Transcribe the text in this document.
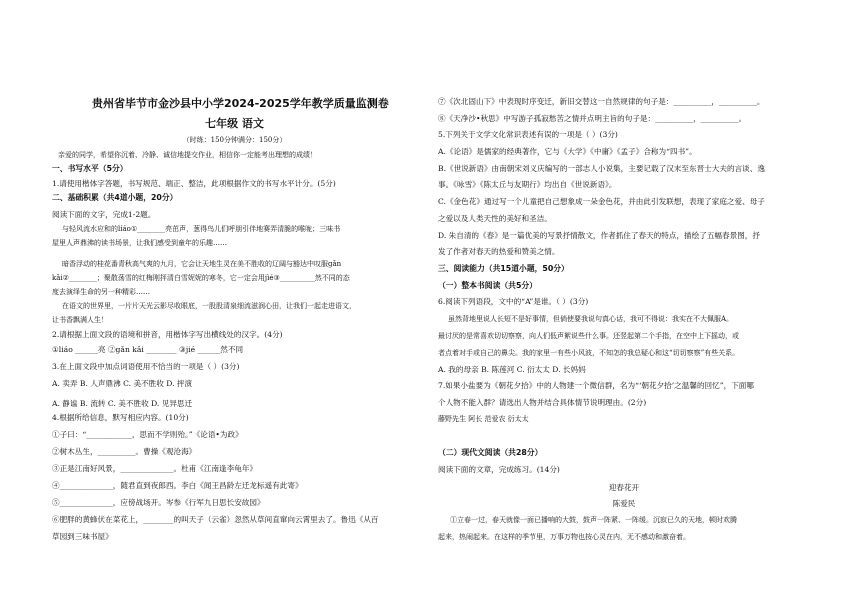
贵州省毕节市金沙县中小学2024-2025学年教学质量监测卷
七年级 语文
（时练：150分钟满分：150分）
亲爱的同学，希望你沉着、冷静、诚信地提交作业，相信你一定能考出理想的成绩！
一、书写水平（5分）
1.请使用楷体字答题，书写规范、端正、整洁，此项根据作文的书写水平计分。(5分)
二、基础积累（共4道小题，20分）
阅读下面的文字，完成1-2题。
与轻风流水应和的líáo①________亮茁声，葱得鸟儿们呼朋引伴地赛弄清脆的喉咙；三味书
屋里人声鼎沸的读书场景，让我们感受到童年的乐趣……
暗香浮动的桂花番青秋高气爽的九月，它会让天地生灵在美不胜收的辽阔与豁达中叹服gǎn
kǎi②________；聚散荡雪的红梅刚抨清白雪妮妮的寒冬，它一定会用jìé③__________然不同的态
度去演绎生命的另一种精彩……
在语文的世界里，一片片天光云影尽收眼底，一股股清泉细流滋润心田，让我们一起走进语文，
让书香飘满人生！
2.请根据上面文段的语境和拼音，用楷体字写出横线处的汉字。(4分)
①liáo ______亮 ②gǎn kǎi ________ ③jié ______然不同
3.在上面文段中加点词语使用不恰当的一项是（ ）(3分)
A. 卖弄 B. 人声鼎沸 C. 美不胜收 D. 抨演
A. 静谧 B. 流转 C. 美不胜收 D. 见异思迁
4.根据所给信息，默写相应内容。(10分)
①子曰：“____________，思而不学则殆。”《论语•为政》
②树木丛生，__________。曹操《观沧海》
③正是江南好风景，______________。杜甫《江南逢李龟年》
④______________，随君直到夜郎西。李白《闻王昌龄左迁龙标遥有此寄》
⑤______________，应傍战场开。岑参《行军九日思长安故园》
⑥肥胖的黄蜂伏在菜花上，________的叫天子（云雀）忽然从草间直窜向云霄里去了。鲁迅《从百
草园到三味书屋》
⑦《次北固山下》中表现时序变迁，新旧交替这一自然规律的句子是：__________，__________。
⑧《天净沙•秋思》中写游子孤寂愁苦之情并点明主旨的句子是：__________，__________。
5.下列关于文学文化常识表述有误的一项是（ ）(3分)
A.《论语》是儒家的经典著作，它与《大学》《中庸》《孟子》合称为“四书”。
B.《世说新语》由南朝宋刘义庆编写的一部志人小说集，主要记载了汉末至东晋士大夫的言谈、逸
事。《咏雪》《陈太丘与友期行》均出自《世说新语》。
C.《金色花》通过写一个儿童把自己想象成一朵金色花，并由此引发联想，表现了家庭之爱、母子
之爱以及人类天性的美好和圣洁。
D. 朱自清的《春》是一篇优美的写景抒情散文，作者抓住了春天的特点，描绘了五幅春景图，抒
发了作者对春天的热爱和赞美之情。
三、阅读能力（共15道小题，50分）
（一）整本书阅读（共5分）
6.阅读下列语段，文中的“A”是谁。（ ）(3分)
虽然背地里说人长短不是好事情，但倘使要我说句真心话，我可不得说：我实在不大佩服A。
最讨厌的是常喜欢切切察察，向人们低声絮说些什么事。还竖起第二个手指，在空中上下摇动，或
者点着对手或自己的鼻尖。我的家里一有些小风波，不知怎的我总疑心和这“切切察察”有些关系。
A. 我的母亲 B. 陈莲河 C. 衍太太 D. 长妈妈
7.如果小盐要为《朝花夕拾》中的人物建一个微信群，名为“‘朝花夕拾’之温馨的回忆”，下面哪
个人物不能入群？请选出人物并结合具体情节说明理由。(2分)
藤野先生 阿长 范爱农 衍太太
（二）现代文阅读（共28分）
阅读下面的文章，完成练习。(14分)
迎春花开
陈爱民
①立春一过，春天就像一面已播响的大鼓，鼓声一阵紧、一阵缓。沉寂已久的天地，顿时欢腾
起来，热闹起来。在这样的季节里，万事万物也按心灵在内，无不感动和激奋着。
